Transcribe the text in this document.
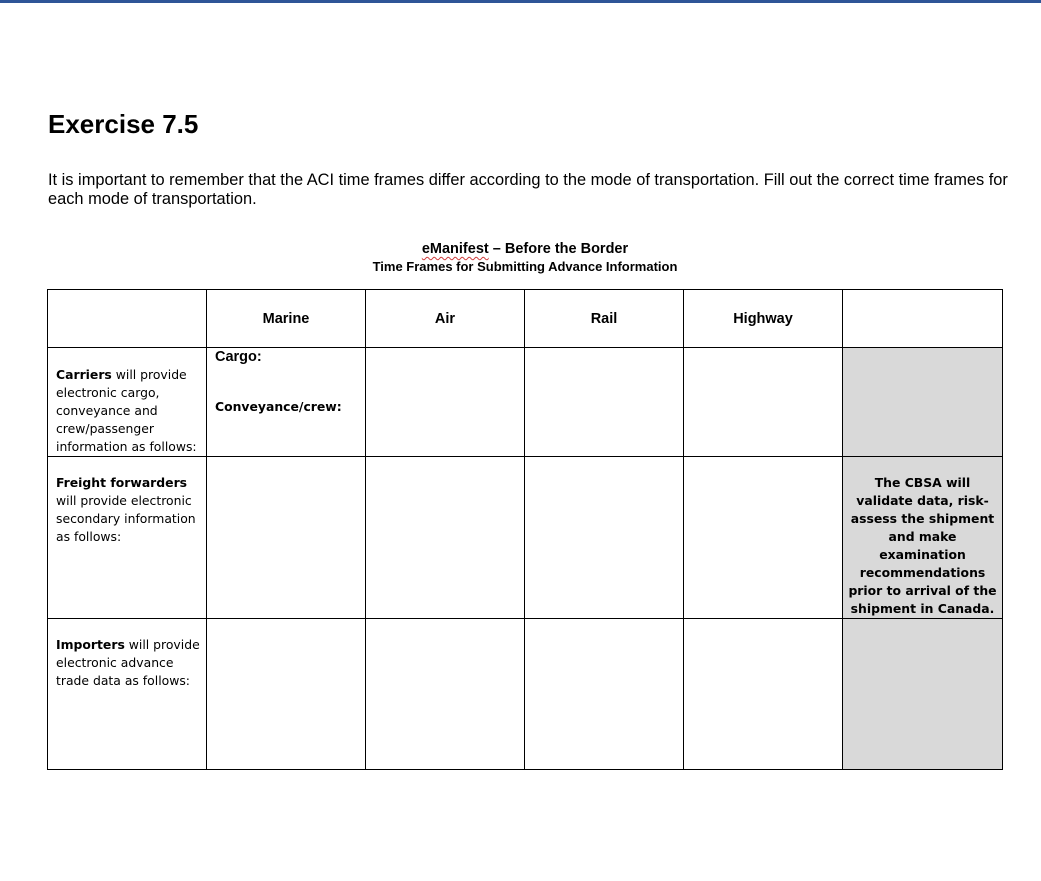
Exercise 7.5

It is important to remember that the ACI time frames differ according to the mode of transportation. Fill out the correct time frames for each mode of transportation.

eManifest – Before the Border
Time Frames for Submitting Advance Information
	Marine	Air	Rail	Highway	

Carriers will provide electronic cargo, conveyance and crew/passenger information as follows:	Cargo:
Conveyance/crew:				

Freight forwarders will provide electronic secondary information as follows:					The CBSA will validate data, risk-assess the shipment and make examination recommendations prior to arrival of the shipment in Canada.

Importers will provide electronic advance trade data as follows:					
